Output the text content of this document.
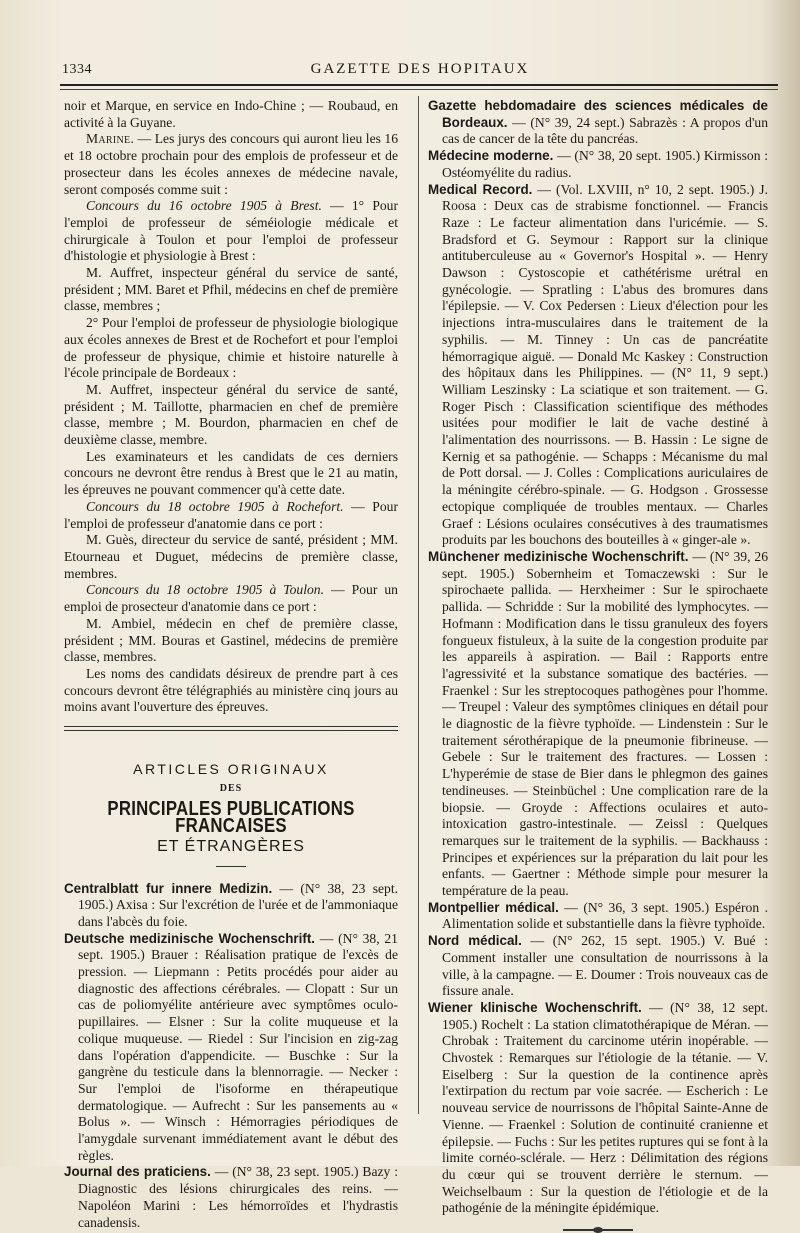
1334	GAZETTE DES HOPITAUX

noir et Marque, en service en Indo-Chine ; — Roubaud, en activité à la Guyane.

Marine. — Les jurys des concours qui auront lieu les 16 et 18 octobre prochain pour des emplois de professeur et de prosecteur dans les écoles annexes de médecine navale, seront composés comme suit :

Concours du 16 octobre 1905 à Brest. — 1° Pour l'emploi de professeur de séméiologie médicale et chirurgicale à Toulon et pour l'emploi de professeur d'histologie et physiologie à Brest :

M. Auffret, inspecteur général du service de santé, président ; MM. Baret et Pfhil, médecins en chef de première classe, membres ;

2° Pour l'emploi de professeur de physiologie biologique aux écoles annexes de Brest et de Rochefort et pour l'emploi de professeur de physique, chimie et histoire naturelle à l'école principale de Bordeaux :

M. Auffret, inspecteur général du service de santé, président ; M. Taillotte, pharmacien en chef de première classe, membre ; M. Bourdon, pharmacien en chef de deuxième classe, membre.

Les examinateurs et les candidats de ces derniers concours ne devront être rendus à Brest que le 21 au matin, les épreuves ne pouvant commencer qu'à cette date.

Concours du 18 octobre 1905 à Rochefort. — Pour l'emploi de professeur d'anatomie dans ce port :

M. Guès, directeur du service de santé, président ; MM. Etourneau et Duguet, médecins de première classe, membres.

Concours du 18 octobre 1905 à Toulon. — Pour un emploi de prosecteur d'anatomie dans ce port :

M. Ambiel, médecin en chef de première classe, président ; MM. Bouras et Gastinel, médecins de première classe, membres.

Les noms des candidats désireux de prendre part à ces concours devront être télégraphiés au ministère cinq jours au moins avant l'ouverture des épreuves.

ARTICLES ORIGINAUX
DES
PRINCIPALES PUBLICATIONS FRANCAISES
ET ÉTRANGÈRES

Centralblatt fur innere Medizin. — (N° 38, 23 sept. 1905.) Axisa : Sur l'excrétion de l'urée et de l'ammoniaque dans l'abcès du foie.

Deutsche medizinische Wochenschrift. — (N° 38, 21 sept. 1905.) Brauer : Réalisation pratique de l'excès de pression. — Liepmann : Petits procédés pour aider au diagnostic des affections cérébrales. — Clopatt : Sur un cas de poliomyélite antérieure avec symptômes oculo-pupillaires. — Elsner : Sur la colite muqueuse et la colique muqueuse. — Riedel : Sur l'incision en zig-zag dans l'opération d'appendicite. — Buschke : Sur la gangrène du testicule dans la blennorragie. — Necker : Sur l'emploi de l'isoforme en thérapeutique dermatologique. — Aufrecht : Sur les pansements au « Bolus ». — Winsch : Hémorragies périodiques de l'amygdale survenant immédiatement avant le début des règles.

Journal des praticiens. — (N° 38, 23 sept. 1905.) Bazy : Diagnostic des lésions chirurgicales des reins. — Napoléon Marini : Les hémorroïdes et l'hydrastis canadensis.

Gazette hebdomadaire des sciences médicales de Bordeaux. — (N° 39, 24 sept.) Sabrazès : A propos d'un cas de cancer de la tête du pancréas.

Médecine moderne. — (N° 38, 20 sept. 1905.) Kirmisson : Ostéomyélite du radius.

Medical Record. — (Vol. LXVIII, n° 10, 2 sept. 1905.) J. Roosa : Deux cas de strabisme fonctionnel. — Francis Raze : Le facteur alimentation dans l'uricémie. — S. Bradsford et G. Seymour : Rapport sur la clinique antituberculeuse au « Governor's Hospital ». — Henry Dawson : Cystoscopie et cathétérisme urétral en gynécologie. — Spratling : L'abus des bromures dans l'épilepsie. — V. Cox Pedersen : Lieux d'élection pour les injections intra-musculaires dans le traitement de la syphilis. — M. Tinney : Un cas de pancréatite hémorragique aiguë. — Donald Mc Kaskey : Construction des hôpitaux dans les Philippines. — (N° 11, 9 sept.) William Leszinsky : La sciatique et son traitement. — G. Roger Pisch : Classification scientifique des méthodes usitées pour modifier le lait de vache destiné à l'alimentation des nourrissons. — B. Hassin : Le signe de Kernig et sa pathogénie. — Schapps : Mécanisme du mal de Pott dorsal. — J. Colles : Complications auriculaires de la méningite cérébro-spinale. — G. Hodgson . Grossesse ectopique compliquée de troubles mentaux. — Charles Graef : Lésions oculaires consécutives à des traumatismes produits par les bouchons des bouteilles à « ginger-ale ».

Münchener medizinische Wochenschrift. — (N° 39, 26 sept. 1905.) Sobernheim et Tomaczewski : Sur le spirochaete pallida. — Herxheimer : Sur le spirochaete pallida. — Schridde : Sur la mobilité des lymphocytes. — Hofmann : Modification dans le tissu granuleux des foyers fongueux fistuleux, à la suite de la congestion produite par les appareils à aspiration. — Bail : Rapports entre l'agressivité et la substance somatique des bactéries. — Fraenkel : Sur les streptocoques pathogènes pour l'homme. — Treupel : Valeur des symptômes cliniques en détail pour le diagnostic de la fièvre typhoïde. — Lindenstein : Sur le traitement sérothérapique de la pneumonie fibrineuse. — Gebele : Sur le traitement des fractures. — Lossen : L'hyperémie de stase de Bier dans le phlegmon des gaines tendineuses. — Steinbüchel : Une complication rare de la biopsie. — Groyde : Affections oculaires et auto-intoxication gastro-intestinale. — Zeissl : Quelques remarques sur le traitement de la syphilis. — Backhauss : Principes et expériences sur la préparation du lait pour les enfants. — Gaertner : Méthode simple pour mesurer la température de la peau.

Montpellier médical. — (N° 36, 3 sept. 1905.) Espéron . Alimentation solide et substantielle dans la fièvre typhoïde.

Nord médical. — (N° 262, 15 sept. 1905.) V. Bué : Comment installer une consultation de nourrissons à la ville, à la campagne. — E. Doumer : Trois nouveaux cas de fissure anale.

Wiener klinische Wochenschrift. — (N° 38, 12 sept. 1905.) Rochelt : La station climatothérapique de Méran. — Chrobak : Traitement du carcinome utérin inopérable. — Chvostek : Remarques sur l'étiologie de la tétanie. — V. Eiselberg : Sur la question de la continence après l'extirpation du rectum par voie sacrée. — Escherich : Le nouveau service de nourrissons de l'hôpital Sainte-Anne de Vienne. — Fraenkel : Solution de continuité cranienne et épilepsie. — Fuchs : Sur les petites ruptures qui se font à la limite cornéo-sclérale. — Herz : Délimitation des régions du cœur qui se trouvent derrière le sternum. — Weichselbaum : Sur la question de l'étiologie et de la pathogénie de la méningite épidémique.
